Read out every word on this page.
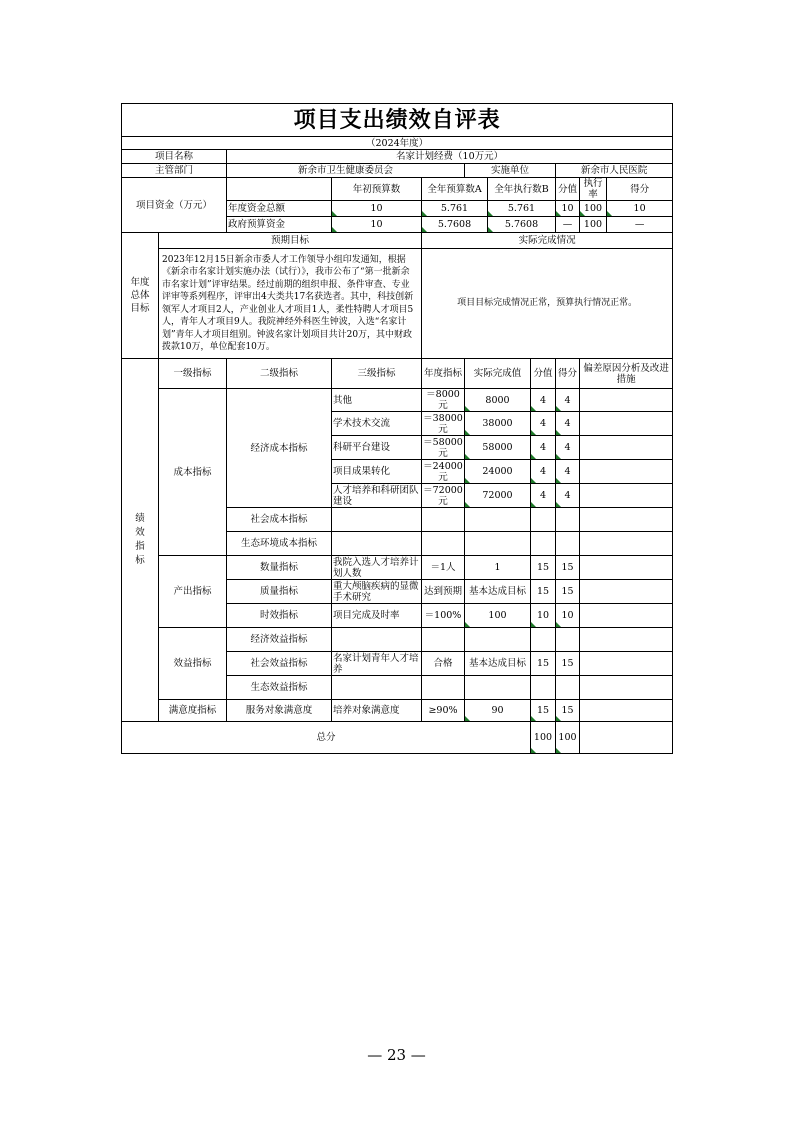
项目支出绩效自评表										
（2024年度）										
项目名称		名家计划经费（10万元）								
主管部门		新余市卫生健康委员会			实施单位			新余市人民医院		
项目资金（万元）			年初预算数	全年预算数A		全年执行数B		分值	执行率	得分
		年度资金总额	10	5.761		5.761		10	100	10
		政府预算资金	10	5.7608		5.7608		—	100	—

年度总体目标	预期目标			实际完成情况						
	2023年12月15日新余市委人才工作领导小组印发通知，根据《新余市名家计划实施办法（试行）》，我市公布了“第一批新余市名家计划”评审结果。经过前期的组织申报、条件审查、专业评审等系列程序，评审出4大类共17名获选者。其中，科技创新领军人才项目2人，产业创业人才项目1人，柔性特聘人才项目5人，青年人才项目9人。我院神经外科医生钟波，入选“名家计划”青年人才项目组别。钟波名家计划项目共计20万，其中财政拨款10万，单位配套10万。			项目目标完成情况正常，预算执行情况正常。						

绩效指标	一级指标	二级指标	三级指标	年度指标	实际完成值		分值	得分	偏差原因分析及改进措施	
	成本指标	经济成本指标	其他	＝8000元	8000		4	4		
			学术技术交流	＝38000元	38000		4	4		
			科研平台建设	＝58000元	58000		4	4		
			项目成果转化	＝24000元	24000		4	4		
			人才培养和科研团队建设	＝72000元	72000		4	4		
		社会成本指标								
		生态环境成本指标								
	产出指标	数量指标	我院入选人才培养计划人数	＝1人	1		15	15		
		质量指标	重大颅脑疾病的显微手术研究	达到预期	基本达成目标		15	15		
		时效指标	项目完成及时率	＝100%	100		10	10		
	效益指标	经济效益指标								
		社会效益指标	名家计划青年人才培养	合格	基本达成目标		15	15		
		生态效益指标								
	满意度指标	服务对象满意度	培养对象满意度	≥90%	90		15	15		
总分							100	100		
— 23 —
